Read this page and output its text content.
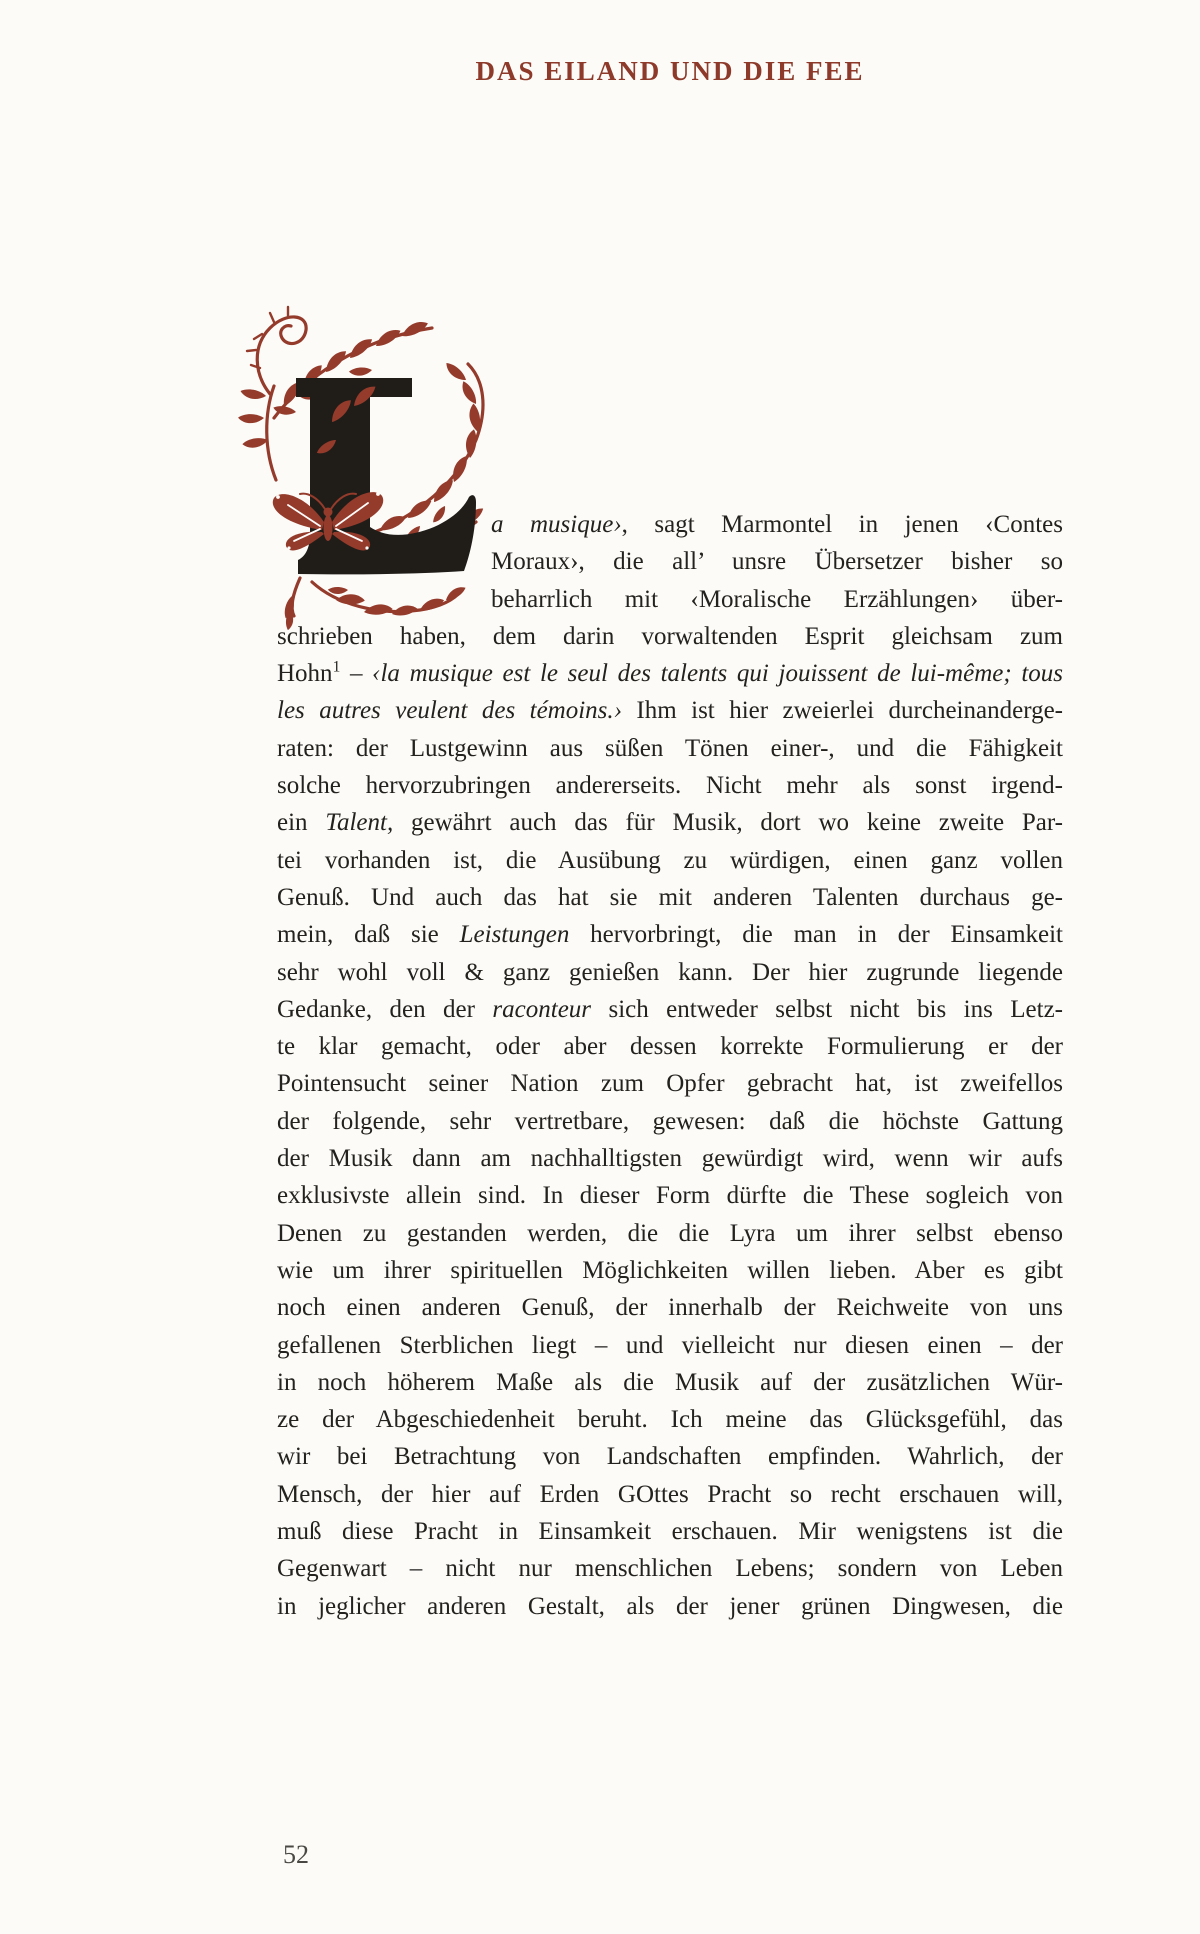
DAS EILAND UND DIE FEE
a musique›, sagt Marmontel in jenen ‹Contes
Moraux›, die all’ unsre Übersetzer bisher so
beharrlich mit ‹Moralische Erzählungen› über-
schrieben haben, dem darin vorwaltenden Esprit gleichsam zum
Hohn$^1$ – ‹la musique est le seul des talents qui jouissent de lui-même; tous
les autres veulent des témoins.› Ihm ist hier zweierlei durcheinanderge-
raten: der Lustgewinn aus süßen Tönen einer-, und die Fähigkeit
solche hervorzubringen andererseits. Nicht mehr als sonst irgend-
ein Talent, gewährt auch das für Musik, dort wo keine zweite Par-
tei vorhanden ist, die Ausübung zu würdigen, einen ganz vollen
Genuß. Und auch das hat sie mit anderen Talenten durchaus ge-
mein, daß sie Leistungen hervorbringt, die man in der Einsamkeit
sehr wohl voll & ganz genießen kann. Der hier zugrunde liegende
Gedanke, den der raconteur sich entweder selbst nicht bis ins Letz-
te klar gemacht, oder aber dessen korrekte Formulierung er der
Pointensucht seiner Nation zum Opfer gebracht hat, ist zweifellos
der folgende, sehr vertretbare, gewesen: daß die höchste Gattung
der Musik dann am nachhalltigsten gewürdigt wird, wenn wir aufs
exklusivste allein sind. In dieser Form dürfte die These sogleich von
Denen zu gestanden werden, die die Lyra um ihrer selbst ebenso
wie um ihrer spirituellen Möglichkeiten willen lieben. Aber es gibt
noch einen anderen Genuß, der innerhalb der Reichweite von uns
gefallenen Sterblichen liegt – und vielleicht nur diesen einen – der
in noch höherem Maße als die Musik auf der zusätzlichen Wür-
ze der Abgeschiedenheit beruht. Ich meine das Glücksgefühl, das
wir bei Betrachtung von Landschaften empfinden. Wahrlich, der
Mensch, der hier auf Erden GOttes Pracht so recht erschauen will,
muß diese Pracht in Einsamkeit erschauen. Mir wenigstens ist die
Gegenwart – nicht nur menschlichen Lebens; sondern von Leben
in jeglicher anderen Gestalt, als der jener grünen Dingwesen, die
52
